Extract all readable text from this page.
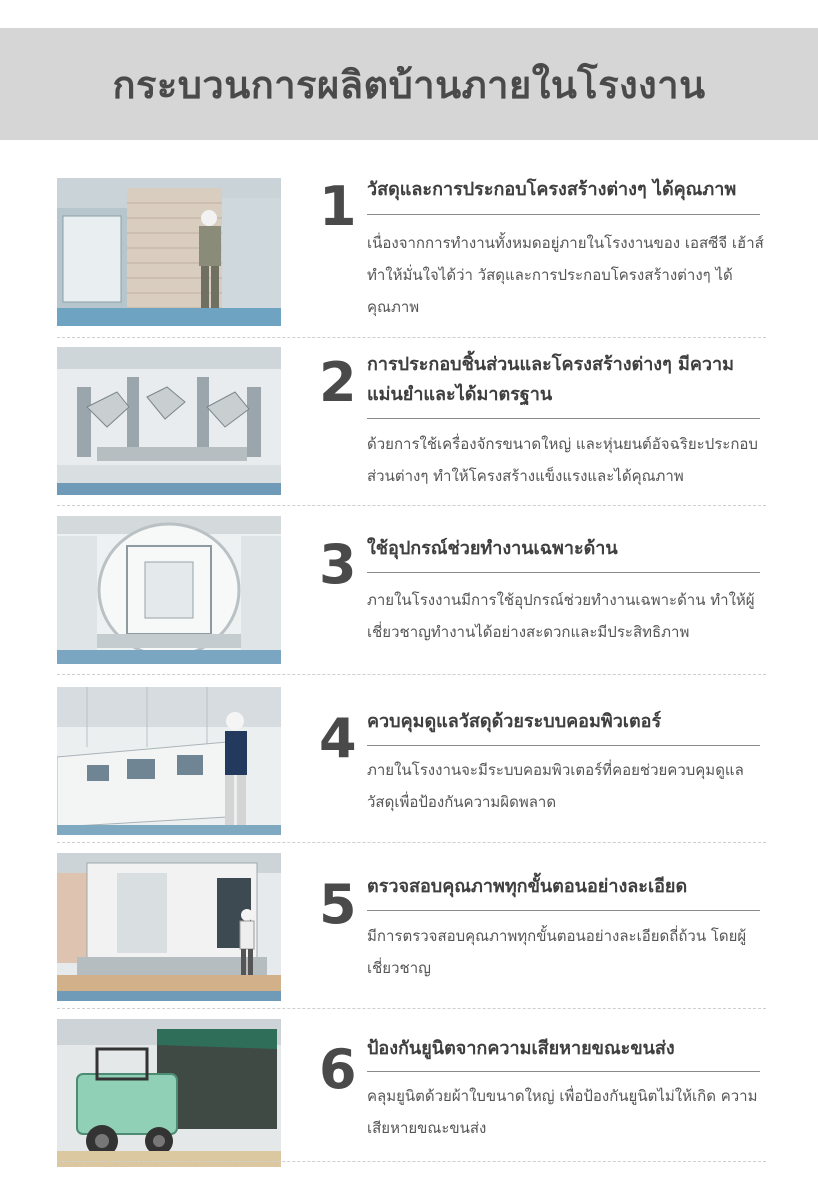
กระบวนการผลิตบ้านภายในโรงงาน
1 วัสดุและการประกอบโครงสร้างต่างๆ ได้คุณภาพ
เนื่องจากการทำงานทั้งหมดอยู่ภายในโรงงานของ เอสซีจี เฮ้าส์ ทำให้มั่นใจได้ว่า วัสดุและการประกอบโครงสร้างต่างๆ ได้คุณภาพ
2 การประกอบชิ้นส่วนและโครงสร้างต่างๆ มีความแม่นยำและได้มาตรฐาน
ด้วยการใช้เครื่องจักรขนาดใหญ่ และหุ่นยนต์อัจฉริยะประกอบ ส่วนต่างๆ ทำให้โครงสร้างแข็งแรงและได้คุณภาพ
3 ใช้อุปกรณ์ช่วยทำงานเฉพาะด้าน
ภายในโรงงานมีการใช้อุปกรณ์ช่วยทำงานเฉพาะด้าน ทำให้ผู้เชี่ยวชาญทำงานได้อย่างสะดวกและมีประสิทธิภาพ
4 ควบคุมดูแลวัสดุด้วยระบบคอมพิวเตอร์
ภายในโรงงานจะมีระบบคอมพิวเตอร์ที่คอยช่วยควบคุมดูแล วัสดุเพื่อป้องกันความผิดพลาด
5 ตรวจสอบคุณภาพทุกขั้นตอนอย่างละเอียด
มีการตรวจสอบคุณภาพทุกขั้นตอนอย่างละเอียดถี่ถ้วน โดยผู้เชี่ยวชาญ
6 ป้องกันยูนิตจากความเสียหายขณะขนส่ง
คลุมยูนิตด้วยผ้าใบขนาดใหญ่ เพื่อป้องกันยูนิตไม่ให้เกิด ความเสียหายขณะขนส่ง
